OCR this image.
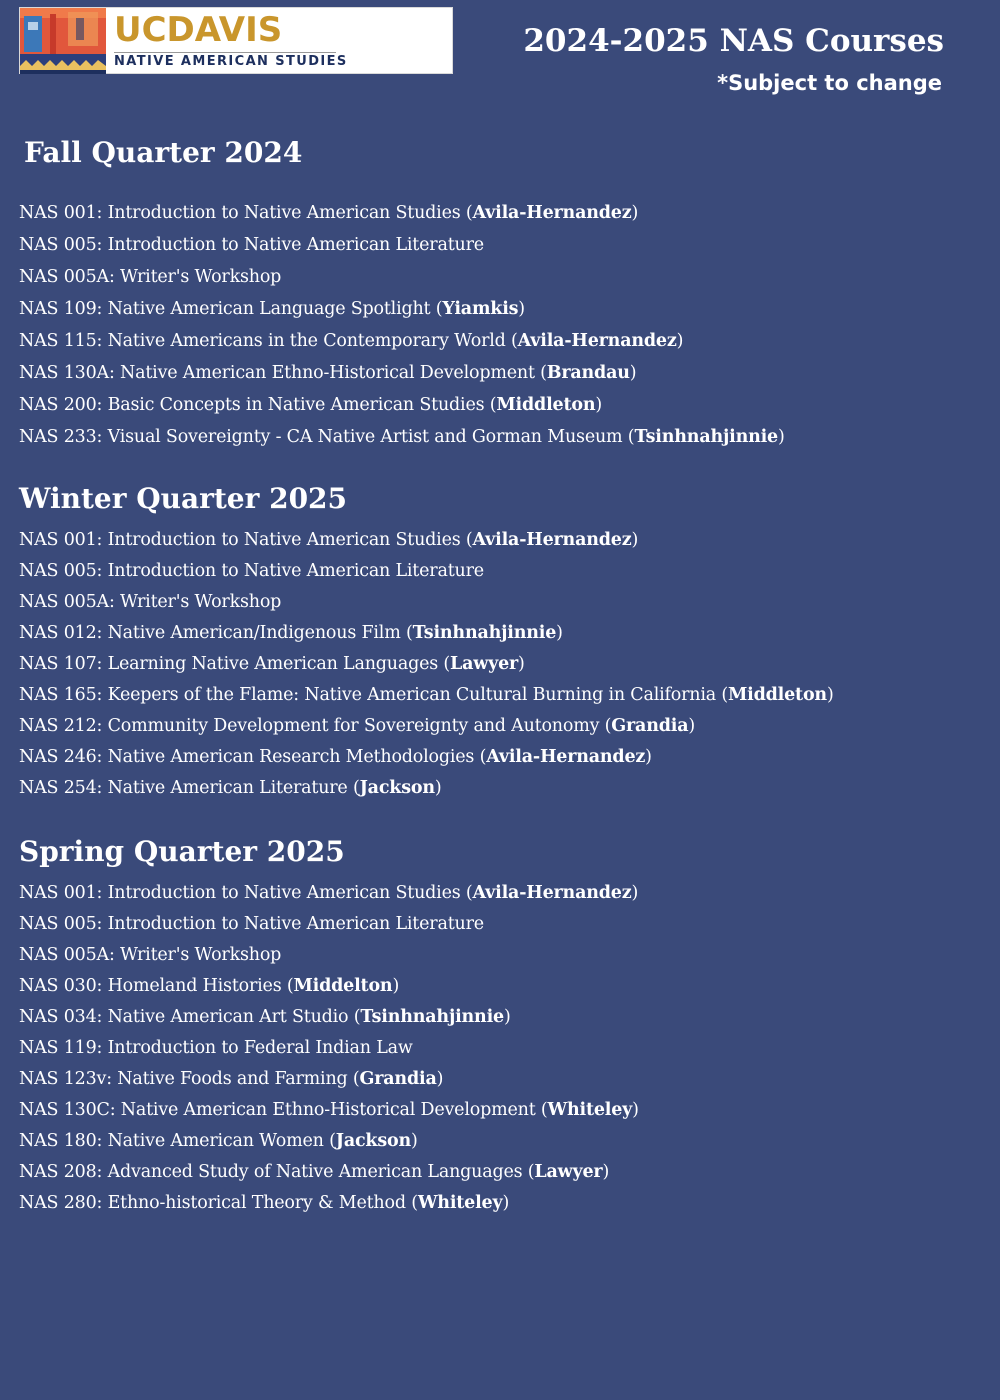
UCDAVIS
NATIVE AMERICAN STUDIES
2024-2025 NAS Courses
*Subject to change
Fall Quarter 2024
NAS 001: Introduction to Native American Studies (Avila-Hernandez)
NAS 005: Introduction to Native American Literature
NAS 005A: Writer's Workshop
NAS 109: Native American Language Spotlight (Yiamkis)
NAS 115: Native Americans in the Contemporary World (Avila-Hernandez)
NAS 130A: Native American Ethno-Historical Development (Brandau)
NAS 200: Basic Concepts in Native American Studies (Middleton)
NAS 233: Visual Sovereignty - CA Native Artist and Gorman Museum (Tsinhnahjinnie)
Winter Quarter 2025
NAS 001: Introduction to Native American Studies (Avila-Hernandez)
NAS 005: Introduction to Native American Literature
NAS 005A: Writer's Workshop
NAS 012: Native American/Indigenous Film (Tsinhnahjinnie)
NAS 107: Learning Native American Languages (Lawyer)
NAS 165: Keepers of the Flame: Native American Cultural Burning in California (Middleton)
NAS 212: Community Development for Sovereignty and Autonomy (Grandia)
NAS 246: Native American Research Methodologies (Avila-Hernandez)
NAS 254: Native American Literature (Jackson)
Spring Quarter 2025
NAS 001: Introduction to Native American Studies (Avila-Hernandez)
NAS 005: Introduction to Native American Literature
NAS 005A: Writer's Workshop
NAS 030: Homeland Histories (Middelton)
NAS 034: Native American Art Studio (Tsinhnahjinnie)
NAS 119: Introduction to Federal Indian Law
NAS 123v: Native Foods and Farming (Grandia)
NAS 130C: Native American Ethno-Historical Development (Whiteley)
NAS 180: Native American Women (Jackson)
NAS 208: Advanced Study of Native American Languages (Lawyer)
NAS 280: Ethno-historical Theory & Method (Whiteley)
